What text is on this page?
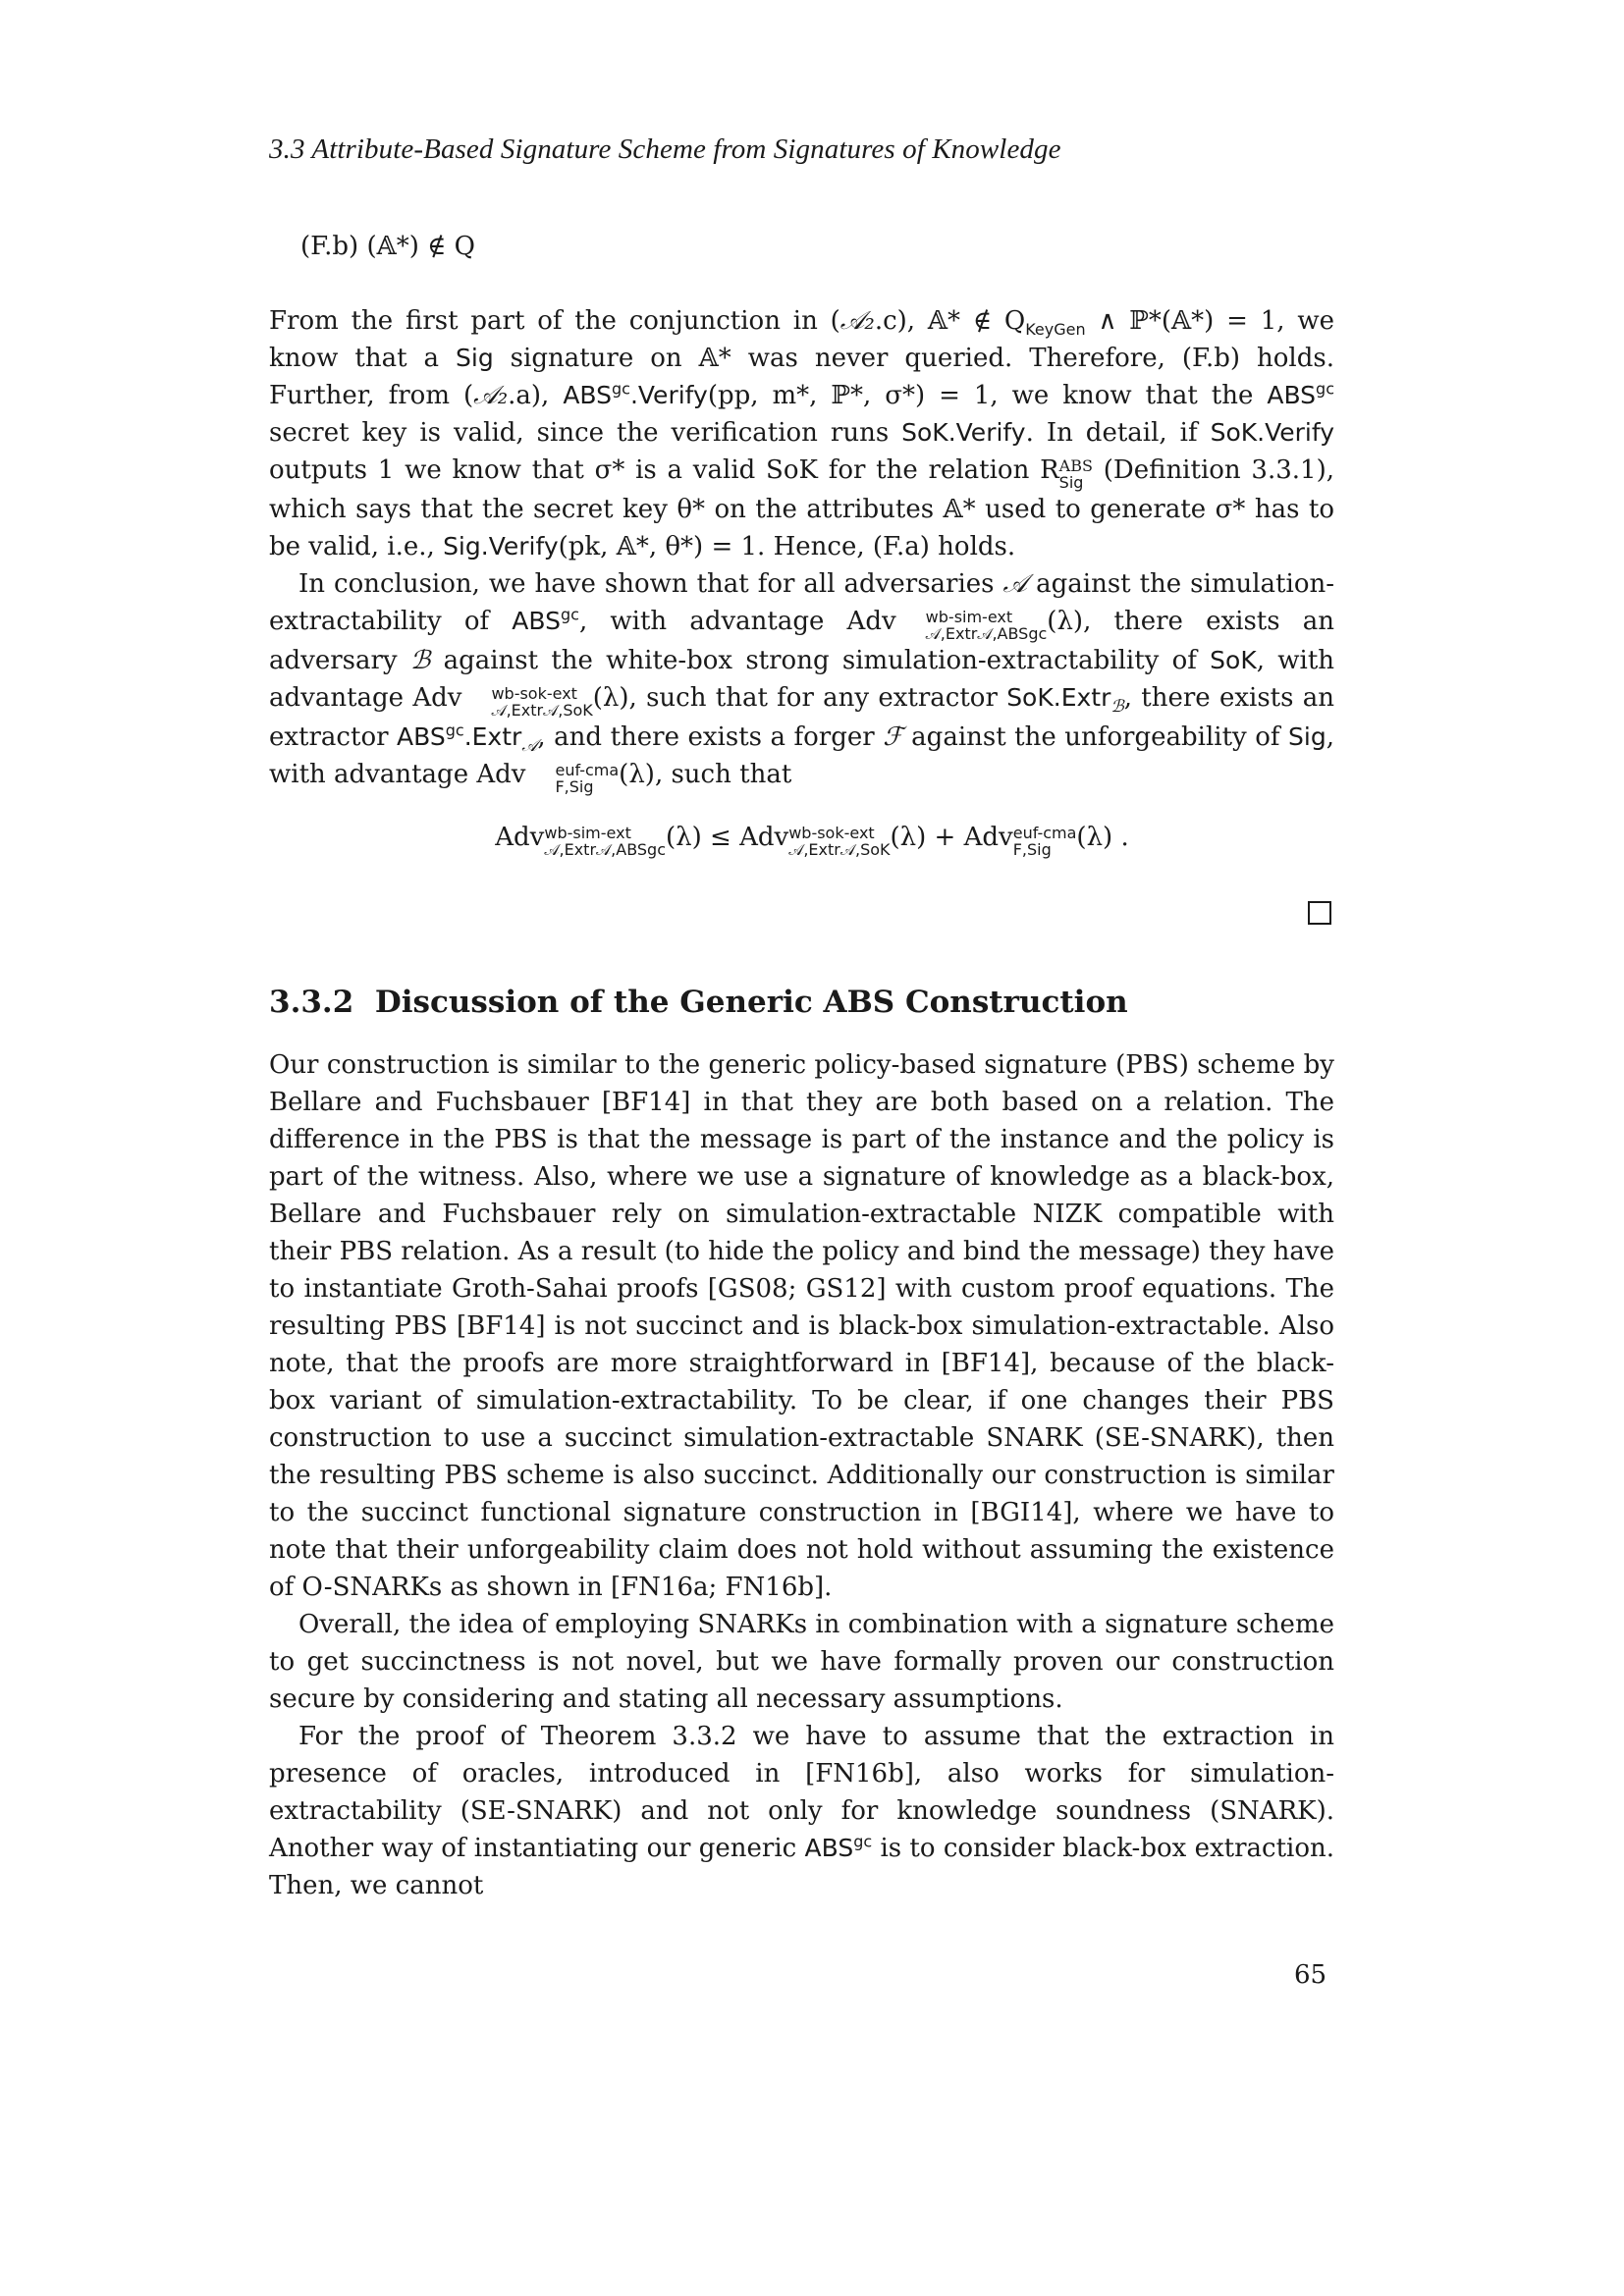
3.3 Attribute-Based Signature Scheme from Signatures of Knowledge
(F.b) (𝔸*) ∉ Q

From the first part of the conjunction in (𝒜₂.c), 𝔸* ∉ $Q_{KeyGen}$ ∧ ℙ*(𝔸*) = 1, we know that a Sig signature on 𝔸* was never queried. Therefore, (F.b) holds. Further, from (𝒜₂.a), $ABS^{gc}.Verify(pp$, m*, ℙ*, σ*) = 1, we know that the $ABS^{gc}$ secret key is valid, since the verification runs SoK.Verify. In detail, if SoK.Verify outputs 1 we know that σ* is a valid SoK for the relation R ABS
Sig (Definition 3.3.1), which says that the secret key θ* on the attributes 𝔸* used to generate σ* has to be valid, i.e., Sig.Verify(pk, 𝔸*, θ*) = 1. Hence, (F.a) holds.

In conclusion, we have shown that for all adversaries 𝒜 against the simulation-extractability of $ABS^{gc}$, with advantage Adv	wb-sim-ext
𝒜,Extr𝒜,ABSgc (λ), there exists an adversary ℬ against the white-box strong simulation-extractability of SoK, with advantage Adv	wb-sok-ext
𝒜,Extr𝒜,SoK (λ), such that for any extractor SoK.Extr$_ℬ$, there exists an extractor $ABS^{gc}.Extr_𝒜$, and there exists a forger ℱ against the unforgeability of Sig, with advantage Adv	euf-cma
F,Sig (λ), such that

Adv wb-sim-ext
𝒜,Extr𝒜,ABSgc (λ) ≤ Adv wb-sok-ext
𝒜,Extr𝒜,SoK (λ) + Adv euf-cma
F,Sig (λ) .
3.3.2 Discussion of the Generic ABS Construction

Our construction is similar to the generic policy-based signature (PBS) scheme by Bellare and Fuchsbauer [BF14] in that they are both based on a relation. The difference in the PBS is that the message is part of the instance and the policy is part of the witness. Also, where we use a signature of knowledge as a black-box, Bellare and Fuchsbauer rely on simulation-extractable NIZK compatible with their PBS relation. As a result (to hide the policy and bind the message) they have to instantiate Groth-Sahai proofs [GS08; GS12] with custom proof equations. The resulting PBS [BF14] is not succinct and is black-box simulation-extractable. Also note, that the proofs are more straightforward in [BF14], because of the black-box variant of simulation-extractability. To be clear, if one changes their PBS construction to use a succinct simulation-extractable SNARK (SE-SNARK), then the resulting PBS scheme is also succinct. Additionally our construction is similar to the succinct functional signature construction in [BGI14], where we have to note that their unforgeability claim does not hold without assuming the existence of O-SNARKs as shown in [FN16a; FN16b].

Overall, the idea of employing SNARKs in combination with a signature scheme to get succinctness is not novel, but we have formally proven our construction secure by considering and stating all necessary assumptions.

For the proof of Theorem 3.3.2 we have to assume that the extraction in presence of oracles, introduced in [FN16b], also works for simulation-extractability (SE-SNARK) and not only for knowledge soundness (SNARK). Another way of instantiating our generic $ABS^{gc}$ is to consider black-box extraction. Then, we cannot

65
